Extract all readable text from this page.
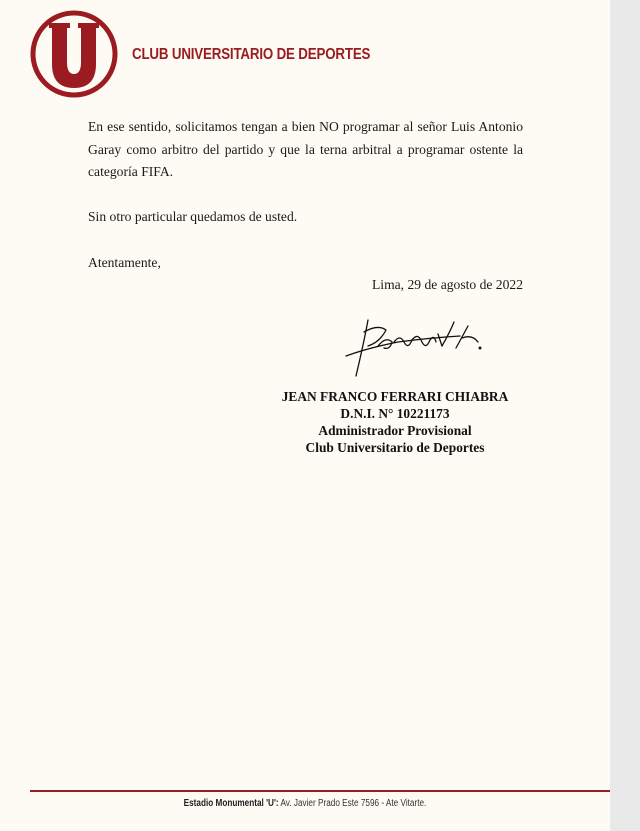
CLUB UNIVERSITARIO DE DEPORTES
En ese sentido, solicitamos tengan a bien NO programar al señor Luis Antonio Garay como arbitro del partido y que la terna arbitral a programar ostente la categoría FIFA.
Sin otro particular quedamos de usted.
Atentamente,
Lima, 29 de agosto de 2022
JEAN FRANCO FERRARI CHIABRA
D.N.I. N° 10221173
Administrador Provisional
Club Universitario de Deportes
Estadio Monumental 'U': Av. Javier Prado Este 7596 - Ate Vitarte.
